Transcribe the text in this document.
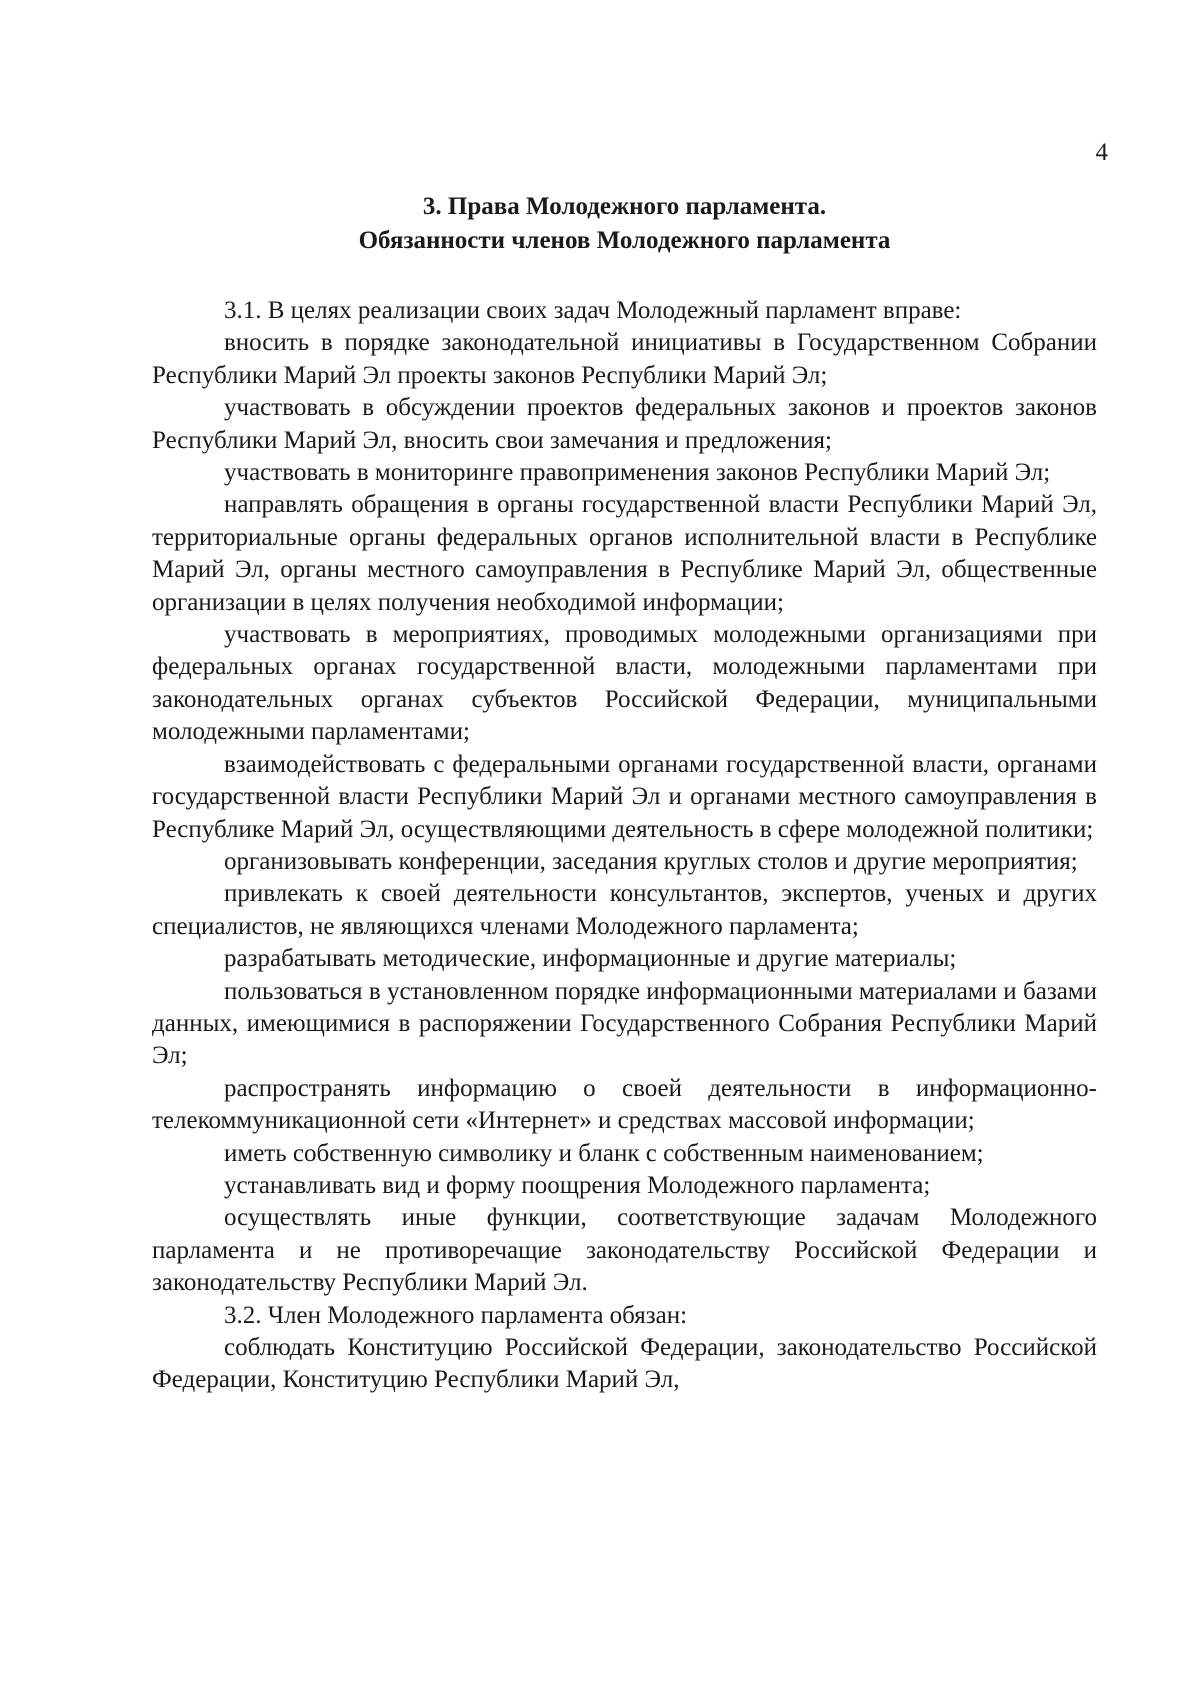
4
3. Права Молодежного парламента.
Обязанности членов Молодежного парламента

3.1. В целях реализации своих задач Молодежный парламент вправе:

вносить в порядке законодательной инициативы в Государственном Собрании Республики Марий Эл проекты законов Республики Марий Эл;

участвовать в обсуждении проектов федеральных законов и проектов законов Республики Марий Эл, вносить свои замечания и предложения;

участвовать в мониторинге правоприменения законов Республики Марий Эл;

направлять обращения в органы государственной власти Республики Марий Эл, территориальные органы федеральных органов исполнительной власти в Республике Марий Эл, органы местного самоуправления в Республике Марий Эл, общественные организации в целях получения необходимой информации;

участвовать в мероприятиях, проводимых молодежными организациями при федеральных органах государственной власти, молодежными парламентами при законодательных органах субъектов Российской Федерации, муниципальными молодежными парламентами;

взаимодействовать с федеральными органами государственной власти, органами государственной власти Республики Марий Эл и органами местного самоуправления в Республике Марий Эл, осуществляющими деятельность в сфере молодежной политики;

организовывать конференции, заседания круглых столов и другие мероприятия;

привлекать к своей деятельности консультантов, экспертов, ученых и других специалистов, не являющихся членами Молодежного парламента;

разрабатывать методические, информационные и другие материалы;

пользоваться в установленном порядке информационными материалами и базами данных, имеющимися в распоряжении Государственного Собрания Республики Марий Эл;

распространять информацию о своей деятельности в информационно-телекоммуникационной сети «Интернет» и средствах массовой информации;

иметь собственную символику и бланк с собственным наименованием;

устанавливать вид и форму поощрения Молодежного парламента;

осуществлять иные функции, соответствующие задачам Молодежного парламента и не противоречащие законодательству Российской Федерации и законодательству Республики Марий Эл.

3.2. Член Молодежного парламента обязан:

соблюдать Конституцию Российской Федерации, законодательство Российской Федерации, Конституцию Республики Марий Эл,
